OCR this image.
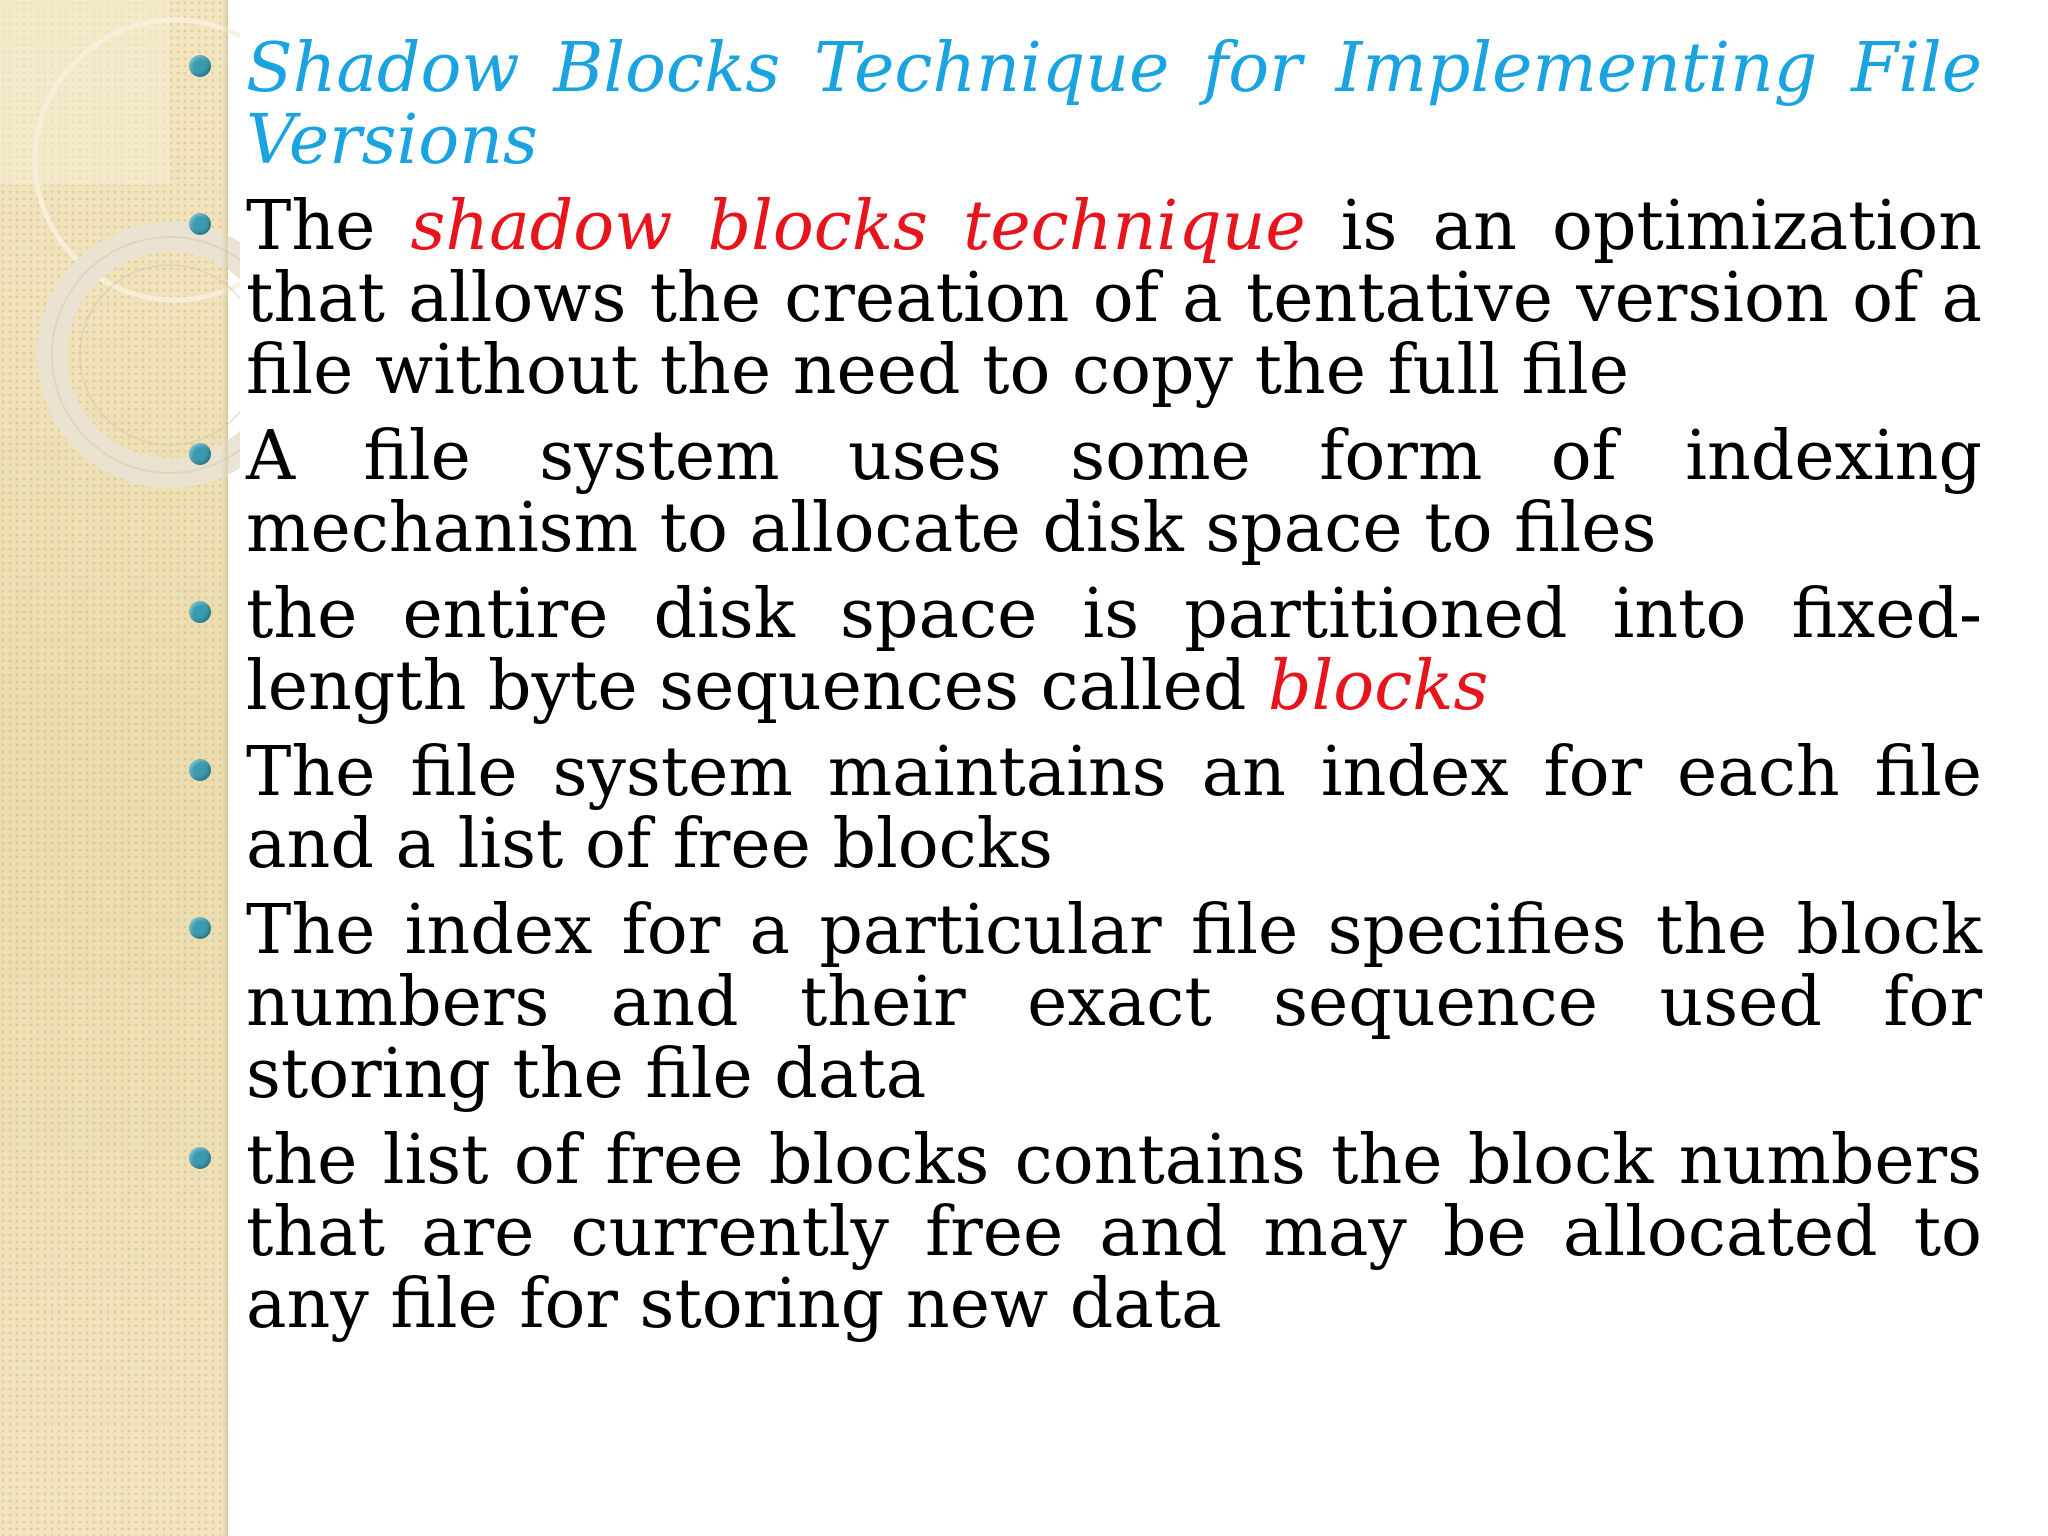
Shadow Blocks Technique for Implementing File Versions
The shadow blocks technique is an optimization that allows the creation of a tentative version of a file without the need to copy the full file
A file system uses some form of indexing mechanism to allocate disk space to files
the entire disk space is partitioned into fixed-length byte sequences called blocks
The file system maintains an index for each file and a list of free blocks
The index for a particular file specifies the block numbers and their exact sequence used for storing the file data
the list of free blocks contains the block numbers that are currently free and may be allocated to any file for storing new data
